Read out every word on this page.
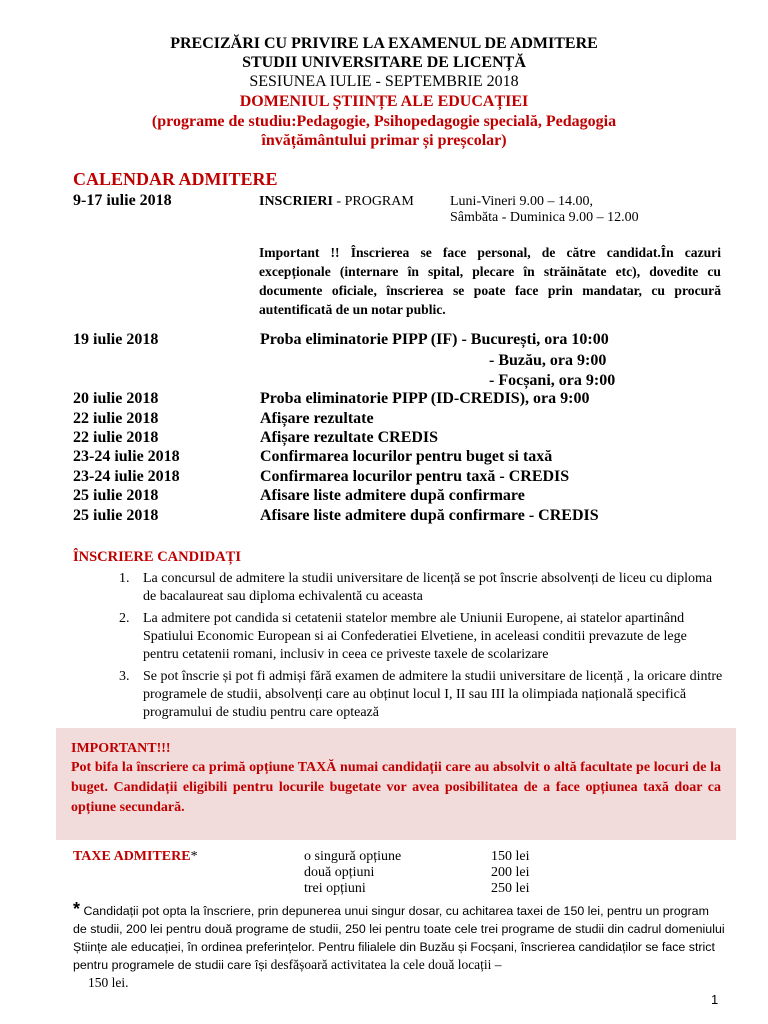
PRECIZĂRI CU PRIVIRE LA EXAMENUL DE ADMITERE
STUDII UNIVERSITARE DE LICENȚĂ
SESIUNEA IULIE - SEPTEMBRIE 2018
DOMENIUL ȘTIINȚE ALE EDUCAȚIEI
(programe de studiu:Pedagogie, Psihopedagogie specială, Pedagogia
învățământului primar și preșcolar)
CALENDAR ADMITERE
9-17 iulie 2018	INSCRIERI - PROGRAM	Luni-Vineri 9.00 – 14.00,
Sâmbăta - Duminica 9.00 – 12.00
Important !! Înscrierea se face personal, de către candidat.În cazuri excepționale (internare în spital, plecare în străinătate etc), dovedite cu documente oficiale, înscrierea se poate face prin mandatar, cu procură autentificată de un notar public.
19 iulie 2018	Proba eliminatorie PIPP (IF) - București, ora 10:00
- Buzău, ora 9:00
- Focșani, ora 9:00
20 iulie 2018	Proba eliminatorie PIPP (ID-CREDIS), ora 9:00
22 iulie 2018	Afișare rezultate
22 iulie 2018	Afișare rezultate CREDIS
23-24 iulie 2018	Confirmarea locurilor pentru buget si taxă
23-24 iulie 2018	Confirmarea locurilor pentru taxă - CREDIS
25 iulie 2018	Afisare liste admitere după confirmare
25 iulie 2018	Afisare liste admitere după confirmare - CREDIS
ÎNSCRIERE CANDIDAȚI
1. La concursul de admitere la studii universitare de licență se pot înscrie absolvenți de liceu cu diploma de bacalaureat sau diploma echivalentă cu aceasta
2. La admitere pot candida si cetatenii statelor membre ale Uniunii Europene, ai statelor apartinând Spatiului Economic European si ai Confederatiei Elvetiene, in aceleasi conditii prevazute de lege pentru cetatenii romani, inclusiv in ceea ce priveste taxele de scolarizare
3. Se pot înscrie și pot fi admiși fără examen de admitere la studii universitare de licență , la oricare dintre programele de studii, absolvenți care au obținut locul I, II sau III la olimpiada națională specifică programului de studiu pentru care optează
IMPORTANT!!!
Pot bifa la înscriere ca primă opțiune TAXĂ numai candidații care au absolvit o altă facultate pe locuri de la buget. Candidații eligibili pentru locurile bugetate vor avea posibilitatea de a face opțiunea taxă doar ca opțiune secundară.
TAXE ADMITERE*	o singură opțiune	150 lei
două opțiuni	200 lei
trei opțiuni	250 lei
* Candidații pot opta la înscriere, prin depunerea unui singur dosar, cu achitarea taxei de 150 lei, pentru un program de studii, 200 lei pentru două programe de studii, 250 lei pentru toate cele trei programe de studii din cadrul domeniului Științe ale educației, în ordinea preferințelor. Pentru filialele din Buzău și Focșani, înscrierea candidaților se face strict pentru programele de studii care își desfășoară activitatea la cele două locații –
150 lei.
1
